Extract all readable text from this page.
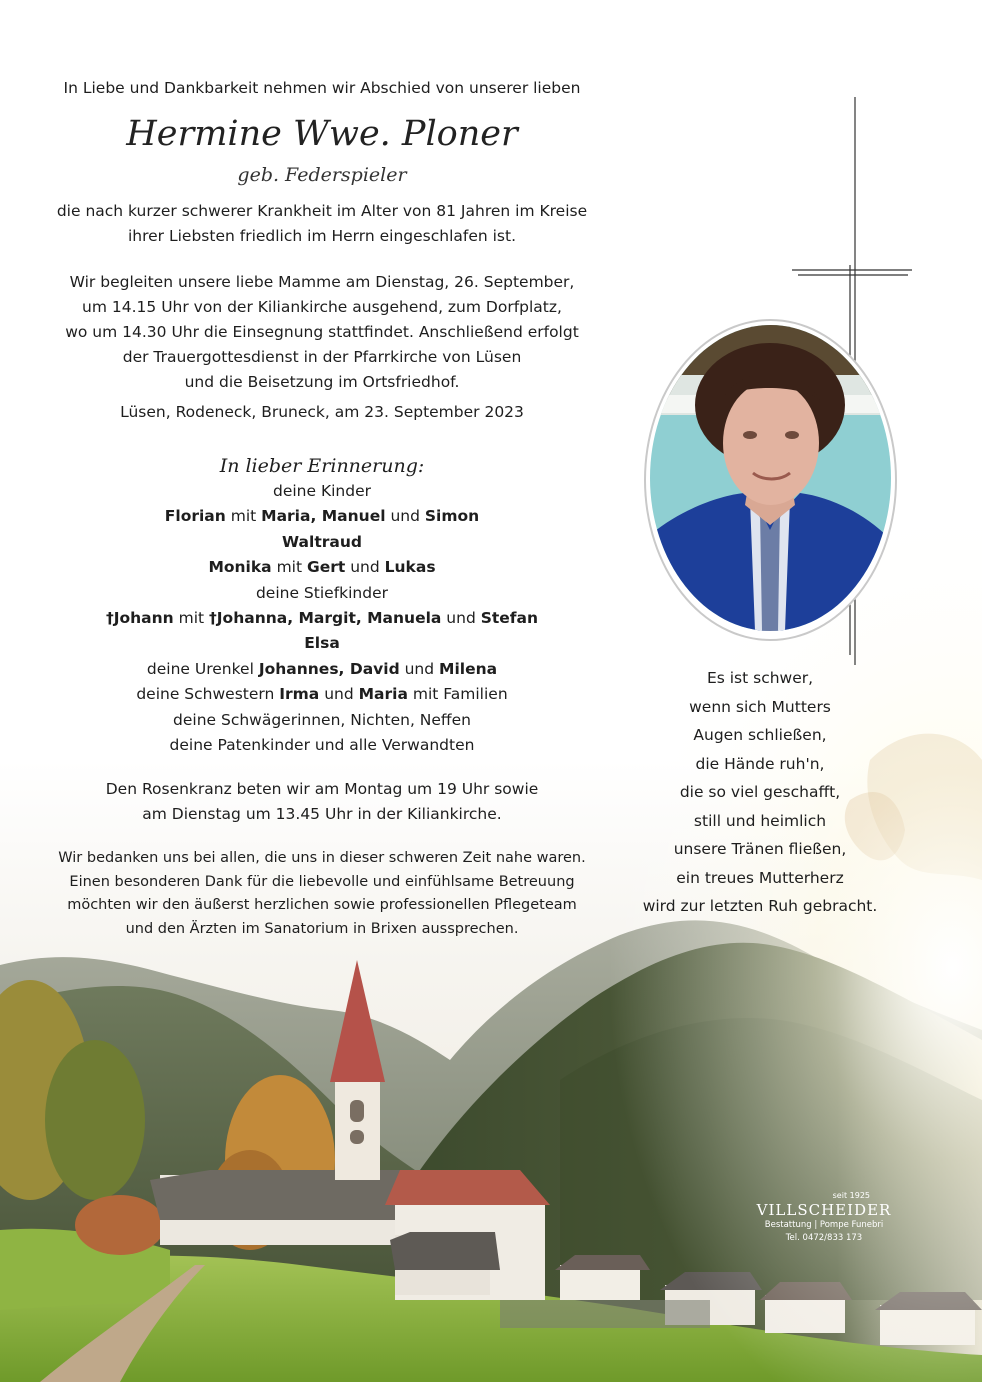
In Liebe und Dankbarkeit nehmen wir Abschied von unserer lieben
Hermine Wwe. Ploner
geb. Federspieler
die nach kurzer schwerer Krankheit im Alter von 81 Jahren im Kreise
ihrer Liebsten friedlich im Herrn eingeschlafen ist.
Wir begleiten unsere liebe Mamme am Dienstag, 26. September,
um 14.15 Uhr von der Kiliankirche ausgehend, zum Dorfplatz,
wo um 14.30 Uhr die Einsegnung stattfindet. Anschließend erfolgt
der Trauergottesdienst in der Pfarrkirche von Lüsen
und die Beisetzung im Ortsfriedhof.
Lüsen, Rodeneck, Bruneck, am 23. September 2023
In lieber Erinnerung:
deine Kinder
Florian mit Maria, Manuel und Simon
Waltraud
Monika mit Gert und Lukas
deine Stiefkinder
†Johann mit †Johanna, Margit, Manuela und Stefan
Elsa
deine Urenkel Johannes, David und Milena
deine Schwestern Irma und Maria mit Familien
deine Schwägerinnen, Nichten, Neffen
deine Patenkinder und alle Verwandten
Den Rosenkranz beten wir am Montag um 19 Uhr sowie
am Dienstag um 13.45 Uhr in der Kiliankirche.
Wir bedanken uns bei allen, die uns in dieser schweren Zeit nahe waren.
Einen besonderen Dank für die liebevolle und einfühlsame Betreuung
möchten wir den äußerst herzlichen sowie professionellen Pflegeteam
und den Ärzten im Sanatorium in Brixen aussprechen.
Es ist schwer,
wenn sich Mutters
Augen schließen,
die Hände ruh'n,
die so viel geschafft,
still und heimlich
unsere Tränen fließen,
ein treues Mutterherz
wird zur letzten Ruh gebracht.
seit 1925
VILLSCHEIDER
Bestattung | Pompe Funebri
Tel. 0472/833 173
